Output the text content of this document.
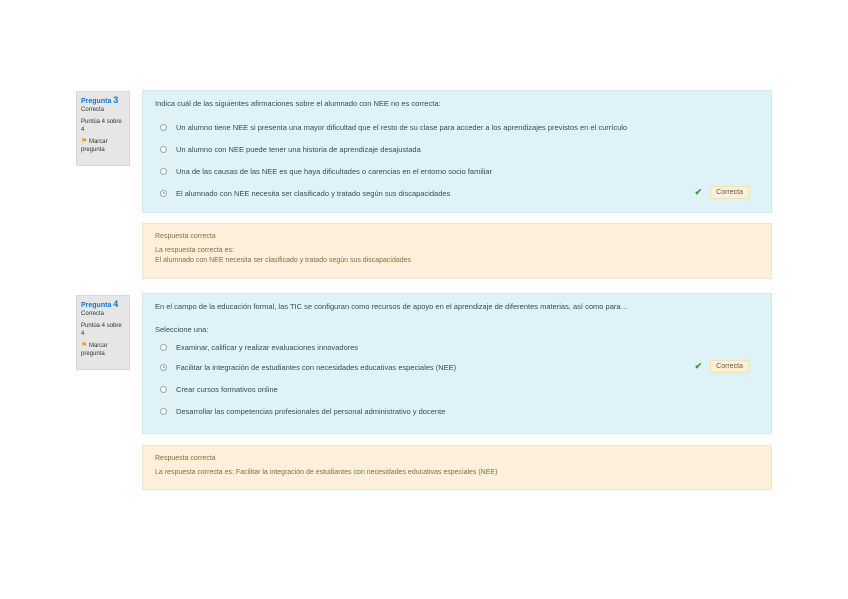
Pregunta 3
Correcta
Puntúa 4 sobre 4
⚑ Marcar pregunta
Indica cuál de las siguientes afirmaciones sobre el alumnado con NEE no es correcta:
Un alumno tiene NEE si presenta una mayor dificultad que el resto de su clase para acceder a los aprendizajes previstos en el currículo
Un alumno con NEE puede tener una historia de aprendizaje desajustada
Una de las causas de las NEE es que haya dificultades o carencias en el entorno socio familiar
El alumnado con NEE necesita ser clasificado y tratado según sus discapacidades	✔	Correcta
Respuesta correcta
La respuesta correcta es:
El alumnado con NEE necesita ser clasificado y tratado según sus discapacidades
Pregunta 4
Correcta
Puntúa 4 sobre 4
⚑ Marcar pregunta
En el campo de la educación formal, las TIC se configuran como recursos de apoyo en el aprendizaje de diferentes materias, así como para…
Seleccione una:
Examinar, calificar y realizar evaluaciones innovadores
Facilitar la integración de estudiantes con necesidades educativas especiales (NEE)	✔	Correcta
Crear cursos formativos online
Desarrollar las competencias profesionales del personal administrativo y docente
Respuesta correcta
La respuesta correcta es: Facilitar la integración de estudiantes con necesidades educativas especiales (NEE)
